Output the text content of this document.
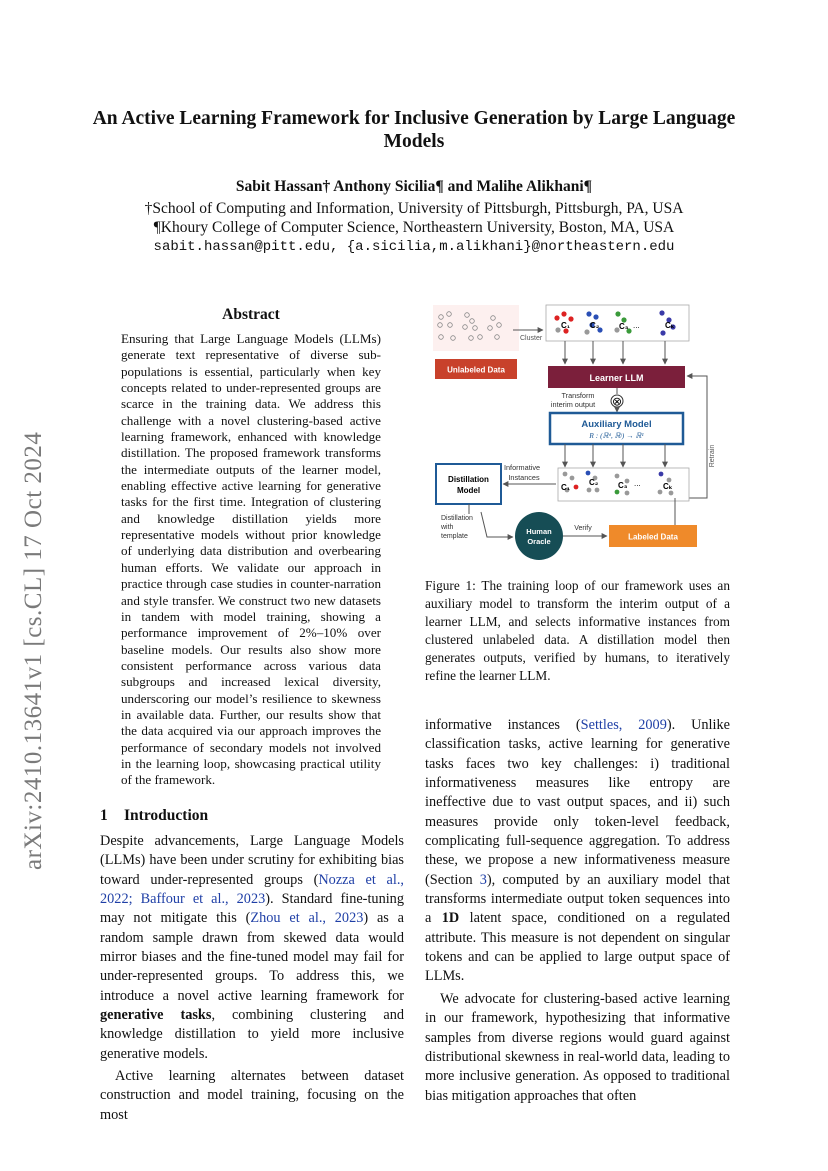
arXiv:2410.13641v1 [cs.CL] 17 Oct 2024
An Active Learning Framework for Inclusive Generation by Large Language Models
Sabit Hassan† Anthony Sicilia¶ and Malihe Alikhani¶
†School of Computing and Information, University of Pittsburgh, Pittsburgh, PA, USA
¶Khoury College of Computer Science, Northeastern University, Boston, MA, USA
sabit.hassan@pitt.edu, {a.sicilia,m.alikhani}@northeastern.edu
Abstract
Ensuring that Large Language Models (LLMs) generate text representative of diverse sub-populations is essential, particularly when key concepts related to under-represented groups are scarce in the training data. We address this challenge with a novel clustering-based active learning framework, enhanced with knowledge distillation. The proposed framework transforms the intermediate outputs of the learner model, enabling effective active learning for generative tasks for the first time. Integration of clustering and knowledge distillation yields more representative models without prior knowledge of underlying data distribution and overbearing human efforts. We validate our approach in practice through case studies in counter-narration and style transfer. We construct two new datasets in tandem with model training, showing a performance improvement of 2%–10% over baseline models. Our results also show more consistent performance across various data subgroups and increased lexical diversity, underscoring our model’s resilience to skewness in available data. Further, our results show that the data acquired via our approach improves the performance of secondary models not involved in the learning loop, showcasing practical utility of the framework.
1 Introduction

Despite advancements, Large Language Models (LLMs) have been under scrutiny for exhibiting bias toward under-represented groups (Nozza et al., 2022; Baffour et al., 2023). Standard fine-tuning may not mitigate this (Zhou et al., 2023) as a random sample drawn from skewed data would mirror biases and the fine-tuned model may fail for under-represented groups. To address this, we introduce a novel active learning framework for generative tasks, combining clustering and knowledge distillation to yield more inclusive generative models.

Active learning alternates between dataset construction and model training, focusing on the most

informative instances (Settles, 2009). Unlike classification tasks, active learning for generative tasks faces two key challenges: i) traditional informativeness measures like entropy are ineffective due to vast output spaces, and ii) such measures provide only token-level feedback, complicating full-sequence aggregation. To address these, we propose a new informativeness measure (Section 3), computed by an auxiliary model that transforms intermediate output token sequences into a 1D latent space, conditioned on a regulated attribute. This measure is not dependent on singular tokens and can be applied to large output space of LLMs.

We advocate for clustering-based active learning in our framework, hypothesizing that informative samples from diverse regions would guard against distributional skewness in real-world data, leading to more inclusive generation. As opposed to traditional bias mitigation approaches that often

Cluster
C₁ C₂ C₃ ...	Cₖ
Unlabeled Data
Learner LLM
Transform
interim output ⊗
Auxiliary Model
R : (ℝᵈ, ℝʲ) → ℝ¹
Retrain
C₁
C₂ C₃ ...	Cₖ
Informative
Instances
Distillation
Model
Distillation
with
template
Human
Oracle
Verify
Labeled Data
Figure 1: The training loop of our framework uses an auxiliary model to transform the interim output of a learner LLM, and selects informative instances from clustered unlabeled data. A distillation model then generates outputs, verified by humans, to iteratively refine the learner LLM.
